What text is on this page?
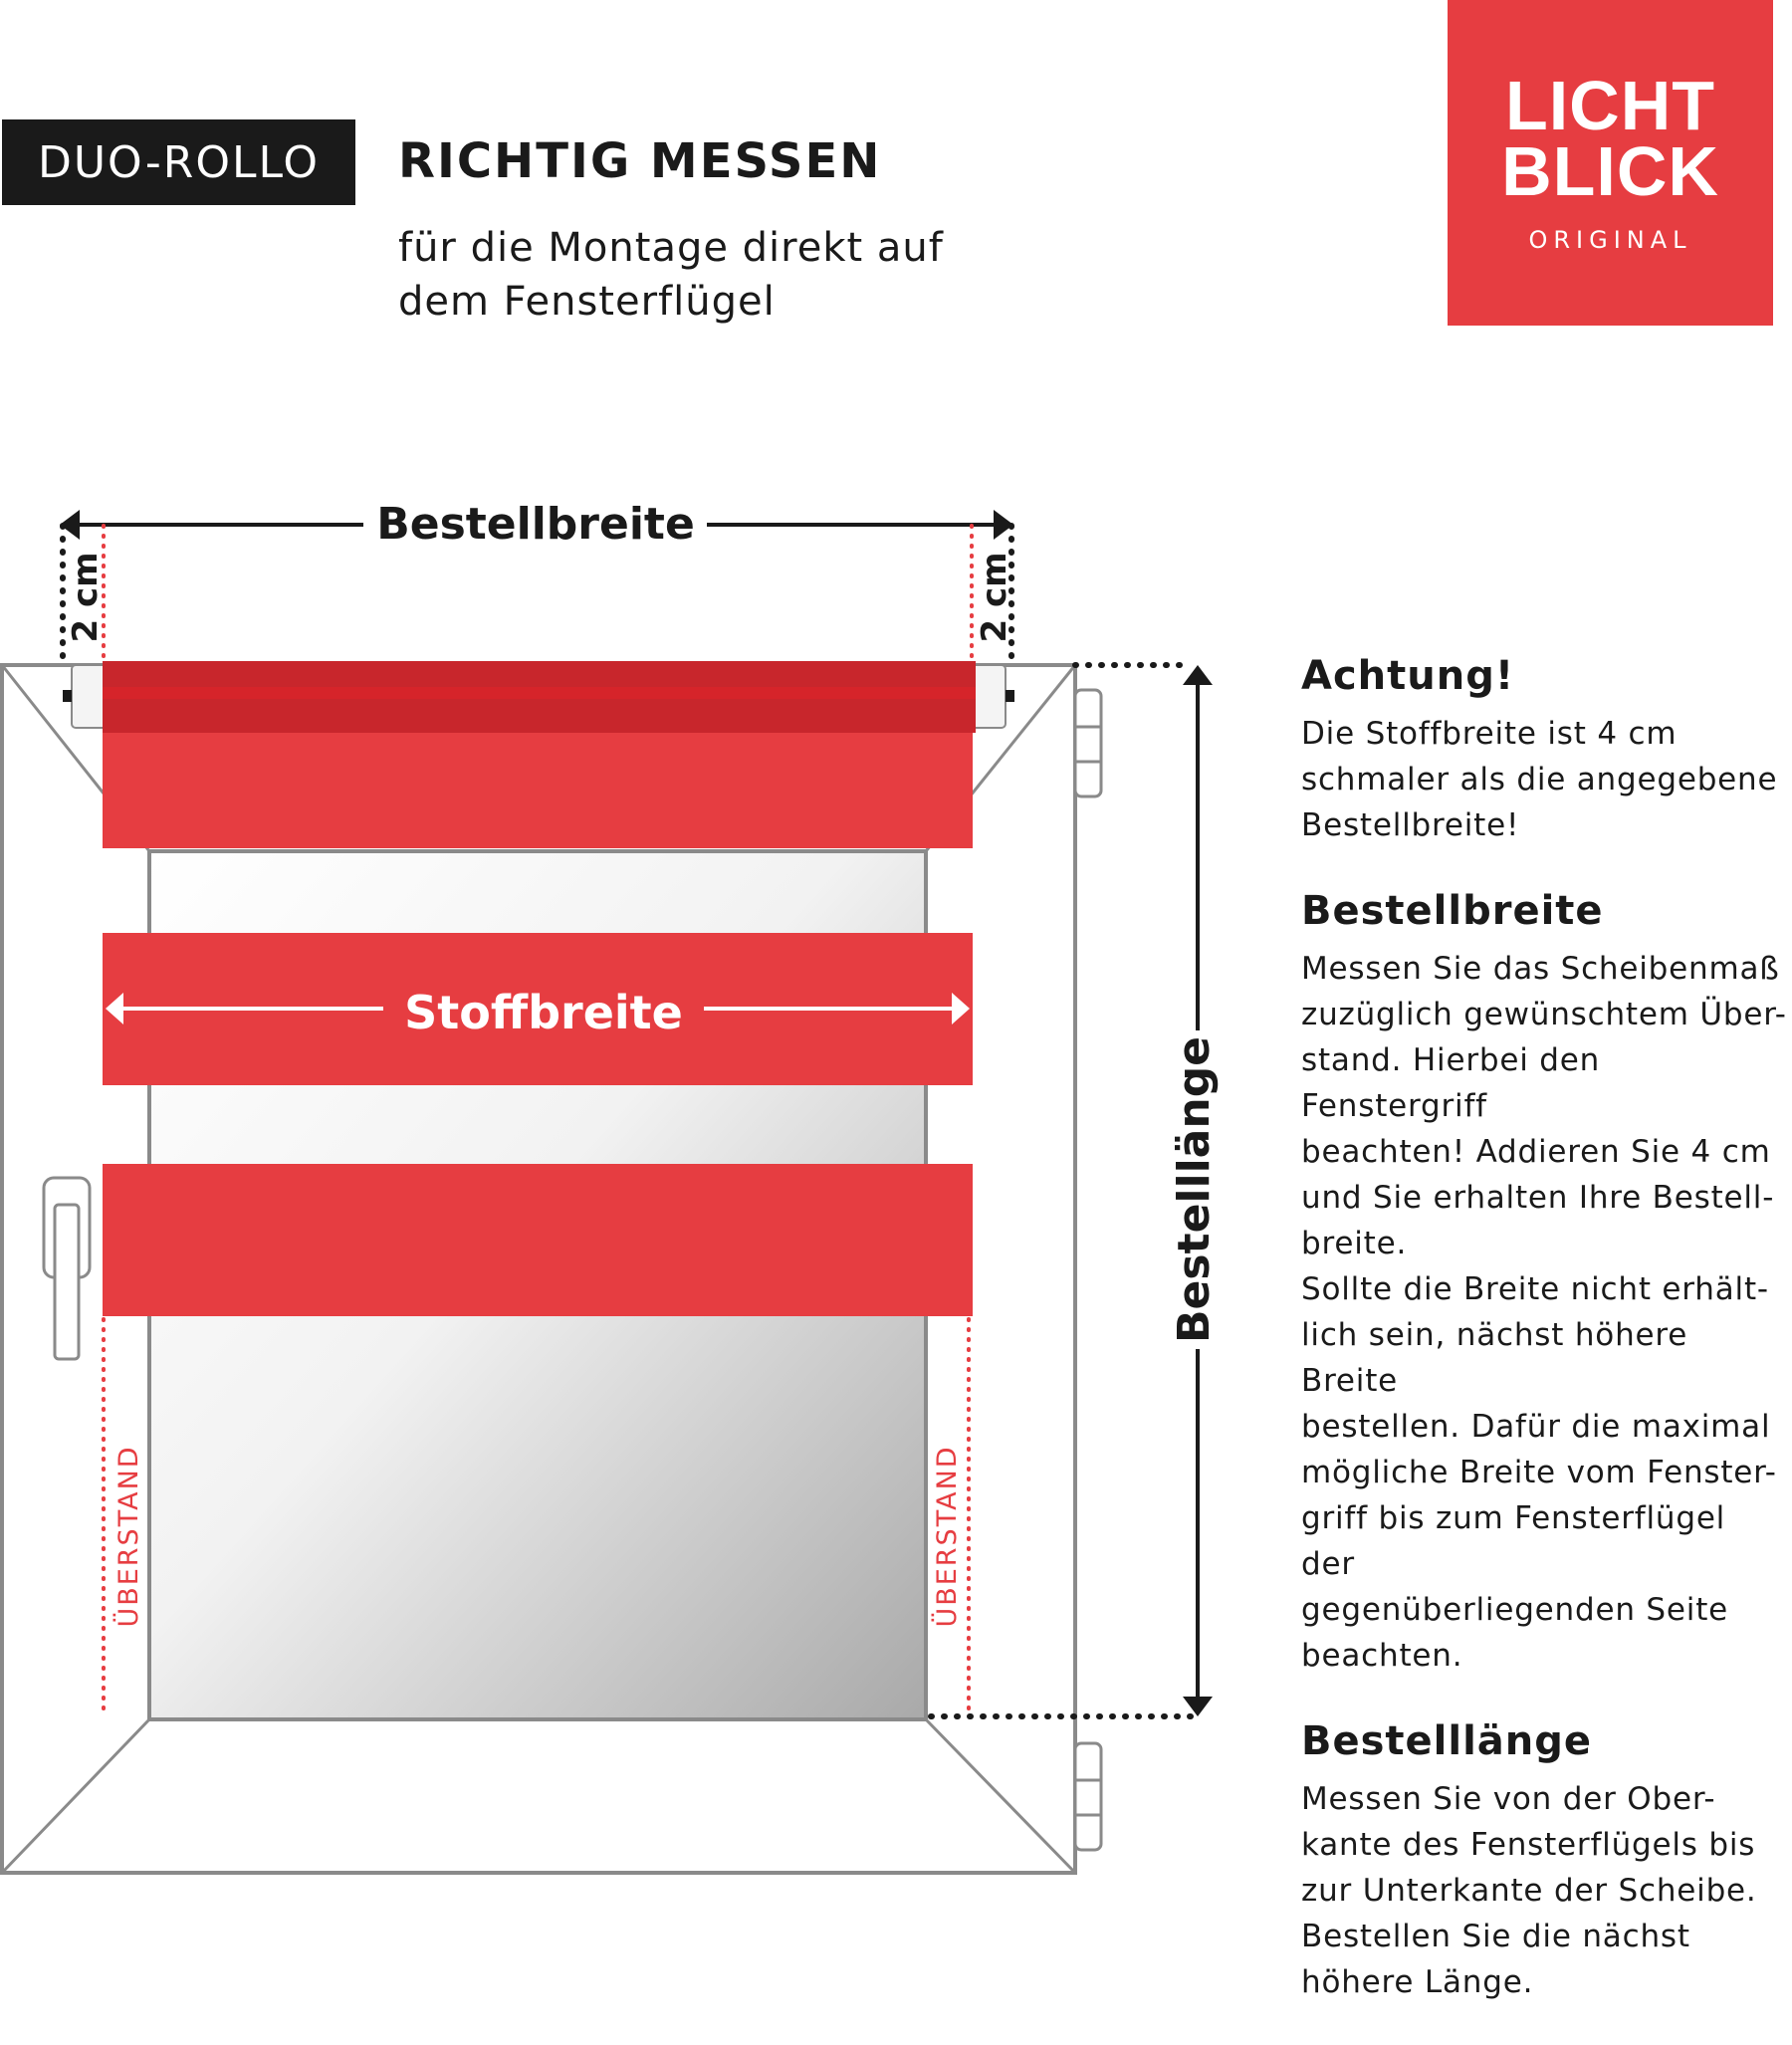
DUO-ROLLO RICHTIG MESSEN
für die Montage direkt auf
dem Fensterflügel
LICHT
BLICK
ORIGINAL
Stoffbreite
Bestellbreite
2 cm	2 cm
ÜBERSTAND	ÜBERSTAND
Bestelllänge
Achtung!

Die Stoffbreite ist 4 cm
schmaler als die angegebene
Bestellbreite!

Bestellbreite

Messen Sie das Scheibenmaß
zuzüglich gewünschtem Über-
stand. Hierbei den Fenstergriff
beachten! Addieren Sie 4 cm
und Sie erhalten Ihre Bestell-
breite.
Sollte die Breite nicht erhält-
lich sein, nächst höhere Breite
bestellen. Dafür die maximal
mögliche Breite vom Fenster-
griff bis zum Fensterflügel der
gegenüberliegenden Seite
beachten.

Bestelllänge

Messen Sie von der Ober-
kante des Fensterflügels bis
zur Unterkante der Scheibe.
Bestellen Sie die nächst
höhere Länge.
